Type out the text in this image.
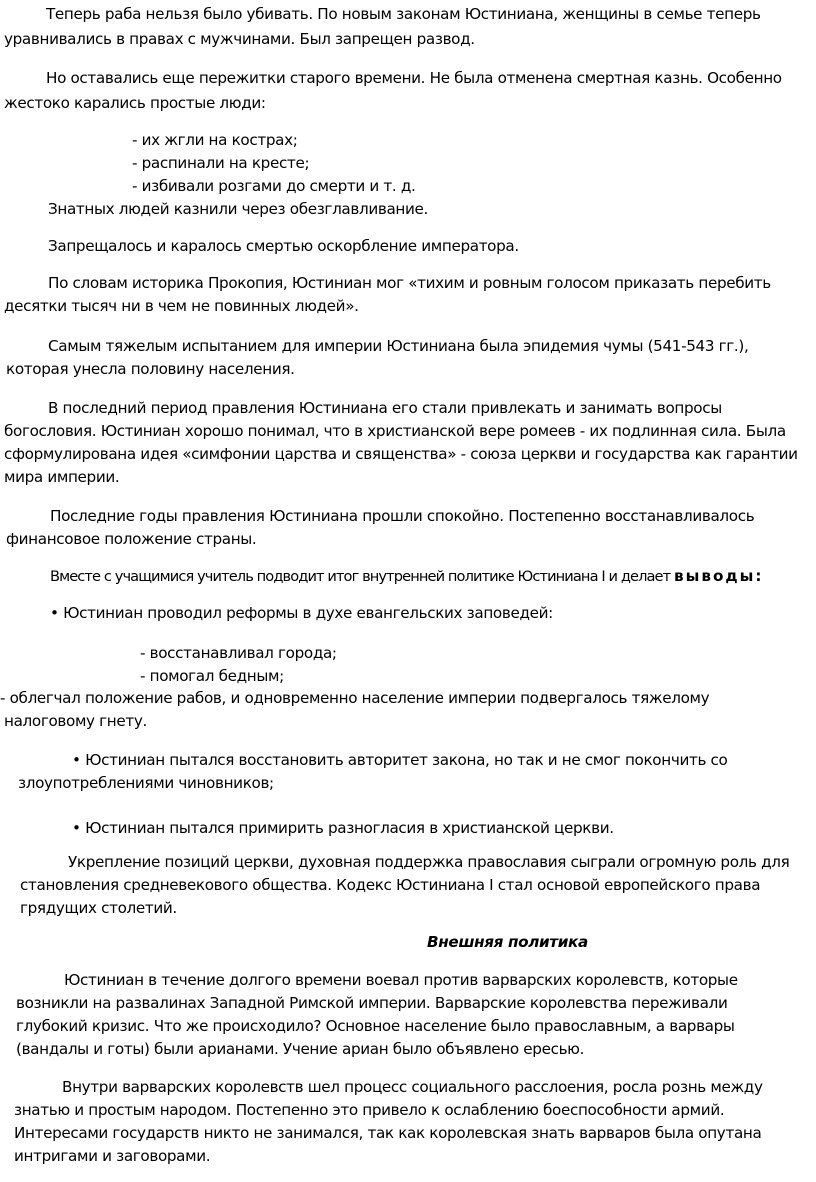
Теперь раба нельзя было убивать. По новым законам Юстиниана, женщины в семье теперь
уравнивались в правах с мужчинами. Был запрещен развод.
Но оставались еще пережитки старого времени. Не была отменена смертная казнь. Особенно
жестоко карались простые люди:
- их жгли на кострах;
- распинали на кресте;
- избивали розгами до смерти и т. д.
Знатных людей казнили через обезглавливание.
Запрещалось и каралось смертью оскорбление императора.
По словам историка Прокопия, Юстиниан мог «тихим и ровным голосом приказать перебить
десятки тысяч ни в чем не повинных людей».
Самым тяжелым испытанием для империи Юстиниана была эпидемия чумы (541-543 гг.),
которая унесла половину населения.
В последний период правления Юстиниана его стали привлекать и занимать вопросы
богословия. Юстиниан хорошо понимал, что в христианской вере ромеев - их подлинная сила. Была
сформулирована идея «симфонии царства и священства» - союза церкви и государства как гарантии
мира империи.
Последние годы правления Юстиниана прошли спокойно. Постепенно восстанавливалось
финансовое положение страны.
Вместе с учащимися учитель подводит итог внутренней политике Юстиниана I и делает выводы:
• Юстиниан проводил реформы в духе евангельских заповедей:
- восстанавливал города;
- помогал бедным;
- облегчал положение рабов, и одновременно население империи подвергалось тяжелому
налоговому гнету.
• Юстиниан пытался восстановить авторитет закона, но так и не смог покончить со
злоупотреблениями чиновников;
• Юстиниан пытался примирить разногласия в христианской церкви.
Укрепление позиций церкви, духовная поддержка православия сыграли огромную роль для
становления средневекового общества. Кодекс Юстиниана I стал основой европейского права
грядущих столетий.
Внешняя политика
Юстиниан в течение долгого времени воевал против варварских королевств, которые
возникли на развалинах Западной Римской империи. Варварские королевства переживали
глубокий кризис. Что же происходило? Основное население было православным, а варвары
(вандалы и готы) были арианами. Учение ариан было объявлено ересью.
Внутри варварских королевств шел процесс социального расслоения, росла рознь между
знатью и простым народом. Постепенно это привело к ослаблению боеспособности армий.
Интересами государств никто не занимался, так как королевская знать варваров была опутана
интригами и заговорами.
